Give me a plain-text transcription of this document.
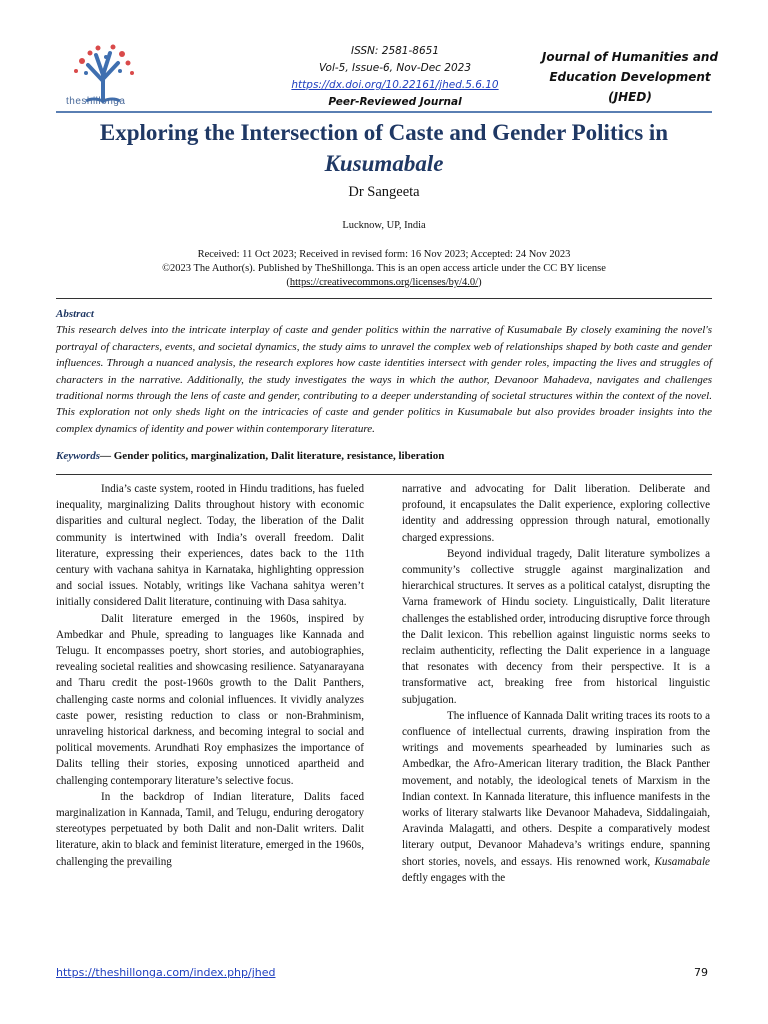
theshillonga
ISSN: 2581-8651
Vol-5, Issue-6, Nov-Dec 2023
https://dx.doi.org/10.22161/jhed.5.6.10
Peer-Reviewed Journal
Journal of Humanities and
Education Development
(JHED)
Exploring the Intersection of Caste and Gender Politics in
Kusumabale
Dr Sangeeta
Lucknow, UP, India
Received: 11 Oct 2023; Received in revised form: 16 Nov 2023; Accepted: 24 Nov 2023
©2023 The Author(s). Published by TheShillonga. This is an open access article under the CC BY license
(https://creativecommons.org/licenses/by/4.0/)
Abstract
This research delves into the intricate interplay of caste and gender politics within the narrative of Kusumabale By closely examining the novel's portrayal of characters, events, and societal dynamics, the study aims to unravel the complex web of relationships shaped by both caste and gender influences. Through a nuanced analysis, the research explores how caste identities intersect with gender roles, impacting the lives and struggles of characters in the narrative. Additionally, the study investigates the ways in which the author, Devanoor Mahadeva, navigates and challenges traditional norms through the lens of caste and gender, contributing to a deeper understanding of societal structures within the context of the novel. This exploration not only sheds light on the intricacies of caste and gender politics in Kusumabale but also provides broader insights into the complex dynamics of identity and power within contemporary literature.
Keywords— Gender politics, marginalization, Dalit literature, resistance, liberation

India’s caste system, rooted in Hindu traditions, has fueled inequality, marginalizing Dalits throughout history with economic disparities and cultural neglect. Today, the liberation of the Dalit community is intertwined with India’s overall freedom. Dalit literature, expressing their experiences, dates back to the 11th century with vachana sahitya in Karnataka, highlighting oppression and social issues. Notably, writings like Vachana sahitya weren’t initially considered Dalit literature, continuing with Dasa sahitya.

Dalit literature emerged in the 1960s, inspired by Ambedkar and Phule, spreading to languages like Kannada and Telugu. It encompasses poetry, short stories, and autobiographies, revealing societal realities and showcasing resilience. Satyanarayana and Tharu credit the post-1960s growth to the Dalit Panthers, challenging caste norms and colonial influences. It vividly analyzes caste power, resisting reduction to class or non-Brahminism, unraveling historical darkness, and becoming integral to social and political movements. Arundhati Roy emphasizes the importance of Dalits telling their stories, exposing unnoticed apartheid and challenging contemporary literature’s selective focus.

In the backdrop of Indian literature, Dalits faced marginalization in Kannada, Tamil, and Telugu, enduring derogatory stereotypes perpetuated by both Dalit and non-Dalit writers. Dalit literature, akin to black and feminist literature, emerged in the 1960s, challenging the prevailing

narrative and advocating for Dalit liberation. Deliberate and profound, it encapsulates the Dalit experience, exploring collective identity and addressing oppression through natural, emotionally charged expressions.

Beyond individual tragedy, Dalit literature symbolizes a community’s collective struggle against marginalization and hierarchical structures. It serves as a political catalyst, disrupting the Varna framework of Hindu society. Linguistically, Dalit literature challenges the established order, introducing disruptive force through the Dalit lexicon. This rebellion against linguistic norms seeks to reclaim authenticity, reflecting the Dalit experience in a language that resonates with decency from their perspective. It is a transformative act, breaking free from historical linguistic subjugation.

The influence of Kannada Dalit writing traces its roots to a confluence of intellectual currents, drawing inspiration from the writings and movements spearheaded by luminaries such as Ambedkar, the Afro-American literary tradition, the Black Panther movement, and notably, the ideological tenets of Marxism in the Indian context. In Kannada literature, this influence manifests in the works of literary stalwarts like Devanoor Mahadeva, Siddalingaiah, Aravinda Malagatti, and others. Despite a comparatively modest literary output, Devanoor Mahadeva’s writings endure, spanning short stories, novels, and essays. His renowned work, Kusamabale deftly engages with the

https://theshillonga.com/index.php/jhed	79
